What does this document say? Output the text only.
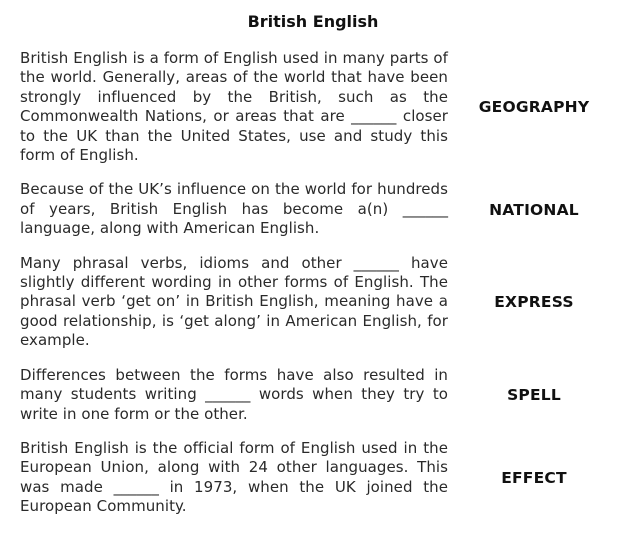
British English
British English is a form of English used in many parts of the world. Generally, areas of the world that have been strongly influenced by the British, such as the Commonwealth Nations, or areas that are ______ closer to the UK than the United States, use and study this form of English.
GEOGRAPHY
Because of the UK’s influence on the world for hundreds of years, British English has become a(n) ______ language, along with American English.
NATIONAL
Many phrasal verbs, idioms and other ______ have slightly different wording in other forms of English. The phrasal verb ‘get on’ in British English, meaning have a good relationship, is ‘get along’ in American English, for example.
EXPRESS
Differences between the forms have also resulted in many students writing ______ words when they try to write in one form or the other.
SPELL
British English is the official form of English used in the European Union, along with 24 other languages. This was made ______ in 1973, when the UK joined the European Community.
EFFECT
